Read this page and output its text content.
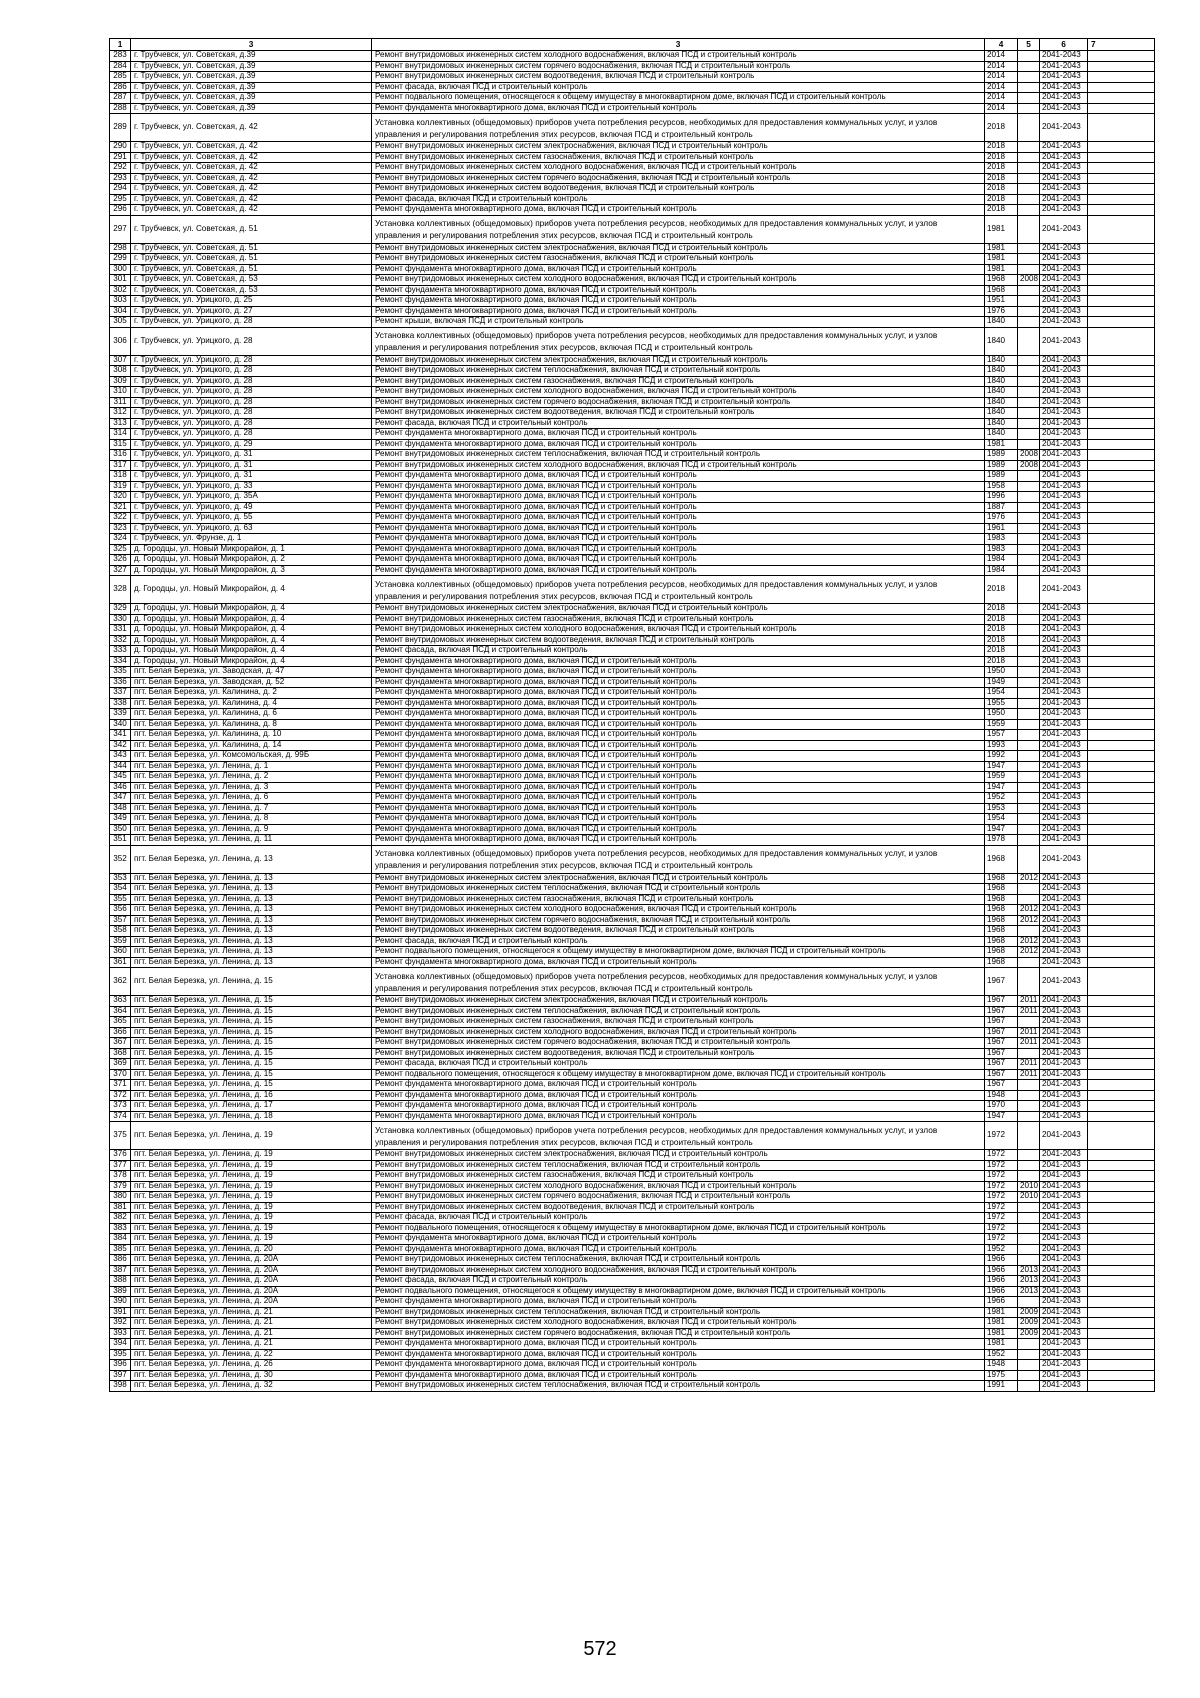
1	3	3	4	5	6	7
283	г. Трубчевск, ул. Советская, д.39	Ремонт внутридомовых инженерных систем холодного водоснабжения, включая ПСД и строительный контроль	2014		2041-2043	
284	г. Трубчевск, ул. Советская, д.39	Ремонт внутридомовых инженерных систем горячего водоснабжения, включая ПСД и строительный контроль	2014		2041-2043	
285	г. Трубчевск, ул. Советская, д.39	Ремонт внутридомовых инженерных систем водоотведения, включая ПСД и строительный контроль	2014		2041-2043	
286	г. Трубчевск, ул. Советская, д.39	Ремонт фасада, включая ПСД и строительный контроль	2014		2041-2043	
287	г. Трубчевск, ул. Советская, д.39	Ремонт подвального помещения, относящегося к общему имуществу в многоквартирном доме, включая ПСД и строительный контроль	2014		2041-2043	
288	г. Трубчевск, ул. Советская, д.39	Ремонт фундамента многоквартирного дома, включая ПСД и строительный контроль	2014		2041-2043	
289	г. Трубчевск, ул. Советская, д. 42	Установка коллективных (общедомовых) приборов учета потребления ресурсов, необходимых для предоставления коммунальных услуг, и узлов управления и регулирования потребления этих ресурсов, включая ПСД и строительный контроль	2018		2041-2043	
290	г. Трубчевск, ул. Советская, д. 42	Ремонт внутридомовых инженерных систем электроснабжения, включая ПСД и строительный контроль	2018		2041-2043	
291	г. Трубчевск, ул. Советская, д. 42	Ремонт внутридомовых инженерных систем газоснабжения, включая ПСД и строительный контроль	2018		2041-2043	
292	г. Трубчевск, ул. Советская, д. 42	Ремонт внутридомовых инженерных систем холодного водоснабжения, включая ПСД и строительный контроль	2018		2041-2043	
293	г. Трубчевск, ул. Советская, д. 42	Ремонт внутридомовых инженерных систем горячего водоснабжения, включая ПСД и строительный контроль	2018		2041-2043	
294	г. Трубчевск, ул. Советская, д. 42	Ремонт внутридомовых инженерных систем водоотведения, включая ПСД и строительный контроль	2018		2041-2043	
295	г. Трубчевск, ул. Советская, д. 42	Ремонт фасада, включая ПСД и строительный контроль	2018		2041-2043	
296	г. Трубчевск, ул. Советская, д. 42	Ремонт фундамента многоквартирного дома, включая ПСД и строительный контроль	2018		2041-2043	
297	г. Трубчевск, ул. Советская, д. 51	Установка коллективных (общедомовых) приборов учета потребления ресурсов, необходимых для предоставления коммунальных услуг, и узлов управления и регулирования потребления этих ресурсов, включая ПСД и строительный контроль	1981		2041-2043	
298	г. Трубчевск, ул. Советская, д. 51	Ремонт внутридомовых инженерных систем электроснабжения, включая ПСД и строительный контроль	1981		2041-2043	
299	г. Трубчевск, ул. Советская, д. 51	Ремонт внутридомовых инженерных систем газоснабжения, включая ПСД и строительный контроль	1981		2041-2043	
300	г. Трубчевск, ул. Советская, д. 51	Ремонт фундамента многоквартирного дома, включая ПСД и строительный контроль	1981		2041-2043	
301	г. Трубчевск, ул. Советская, д. 53	Ремонт внутридомовых инженерных систем холодного водоснабжения, включая ПСД и строительный контроль	1968	2008	2041-2043	
302	г. Трубчевск, ул. Советская, д. 53	Ремонт фундамента многоквартирного дома, включая ПСД и строительный контроль	1968		2041-2043	
303	г. Трубчевск, ул. Урицкого, д. 25	Ремонт фундамента многоквартирного дома, включая ПСД и строительный контроль	1951		2041-2043	
304	г. Трубчевск, ул. Урицкого, д. 27	Ремонт фундамента многоквартирного дома, включая ПСД и строительный контроль	1976		2041-2043	
305	г. Трубчевск, ул. Урицкого, д. 28	Ремонт крыши, включая ПСД и строительный контроль	1840		2041-2043	
306	г. Трубчевск, ул. Урицкого, д. 28	Установка коллективных (общедомовых) приборов учета потребления ресурсов, необходимых для предоставления коммунальных услуг, и узлов управления и регулирования потребления этих ресурсов, включая ПСД и строительный контроль	1840		2041-2043	
307	г. Трубчевск, ул. Урицкого, д. 28	Ремонт внутридомовых инженерных систем электроснабжения, включая ПСД и строительный контроль	1840		2041-2043	
308	г. Трубчевск, ул. Урицкого, д. 28	Ремонт внутридомовых инженерных систем теплоснабжения, включая ПСД и строительный контроль	1840		2041-2043	
309	г. Трубчевск, ул. Урицкого, д. 28	Ремонт внутридомовых инженерных систем газоснабжения, включая ПСД и строительный контроль	1840		2041-2043	
310	г. Трубчевск, ул. Урицкого, д. 28	Ремонт внутридомовых инженерных систем холодного водоснабжения, включая ПСД и строительный контроль	1840		2041-2043	
311	г. Трубчевск, ул. Урицкого, д. 28	Ремонт внутридомовых инженерных систем горячего водоснабжения, включая ПСД и строительный контроль	1840		2041-2043	
312	г. Трубчевск, ул. Урицкого, д. 28	Ремонт внутридомовых инженерных систем водоотведения, включая ПСД и строительный контроль	1840		2041-2043	
313	г. Трубчевск, ул. Урицкого, д. 28	Ремонт фасада, включая ПСД и строительный контроль	1840		2041-2043	
314	г. Трубчевск, ул. Урицкого, д. 28	Ремонт фундамента многоквартирного дома, включая ПСД и строительный контроль	1840		2041-2043	
315	г. Трубчевск, ул. Урицкого, д. 29	Ремонт фундамента многоквартирного дома, включая ПСД и строительный контроль	1981		2041-2043	
316	г. Трубчевск, ул. Урицкого, д. 31	Ремонт внутридомовых инженерных систем теплоснабжения, включая ПСД и строительный контроль	1989	2008	2041-2043	
317	г. Трубчевск, ул. Урицкого, д. 31	Ремонт внутридомовых инженерных систем холодного водоснабжения, включая ПСД и строительный контроль	1989	2008	2041-2043	
318	г. Трубчевск, ул. Урицкого, д. 31	Ремонт фундамента многоквартирного дома, включая ПСД и строительный контроль	1989		2041-2043	
319	г. Трубчевск, ул. Урицкого, д. 33	Ремонт фундамента многоквартирного дома, включая ПСД и строительный контроль	1958		2041-2043	
320	г. Трубчевск, ул. Урицкого, д. 35А	Ремонт фундамента многоквартирного дома, включая ПСД и строительный контроль	1996		2041-2043	
321	г. Трубчевск, ул. Урицкого, д. 49	Ремонт фундамента многоквартирного дома, включая ПСД и строительный контроль	1887		2041-2043	
322	г. Трубчевск, ул. Урицкого, д. 55	Ремонт фундамента многоквартирного дома, включая ПСД и строительный контроль	1976		2041-2043	
323	г. Трубчевск, ул. Урицкого, д. 63	Ремонт фундамента многоквартирного дома, включая ПСД и строительный контроль	1961		2041-2043	
324	г. Трубчевск, ул. Фрунзе, д. 1	Ремонт фундамента многоквартирного дома, включая ПСД и строительный контроль	1983		2041-2043	
325	д. Городцы, ул. Новый Микрорайон, д. 1	Ремонт фундамента многоквартирного дома, включая ПСД и строительный контроль	1983		2041-2043	
326	д. Городцы, ул. Новый Микрорайон, д. 2	Ремонт фундамента многоквартирного дома, включая ПСД и строительный контроль	1984		2041-2043	
327	д. Городцы, ул. Новый Микрорайон, д. 3	Ремонт фундамента многоквартирного дома, включая ПСД и строительный контроль	1984		2041-2043	
328	д. Городцы, ул. Новый Микрорайон, д. 4	Установка коллективных (общедомовых) приборов учета потребления ресурсов, необходимых для предоставления коммунальных услуг, и узлов управления и регулирования потребления этих ресурсов, включая ПСД и строительный контроль	2018		2041-2043	
329	д. Городцы, ул. Новый Микрорайон, д. 4	Ремонт внутридомовых инженерных систем электроснабжения, включая ПСД и строительный контроль	2018		2041-2043	
330	д. Городцы, ул. Новый Микрорайон, д. 4	Ремонт внутридомовых инженерных систем газоснабжения, включая ПСД и строительный контроль	2018		2041-2043	
331	д. Городцы, ул. Новый Микрорайон, д. 4	Ремонт внутридомовых инженерных систем холодного водоснабжения, включая ПСД и строительный контроль	2018		2041-2043	
332	д. Городцы, ул. Новый Микрорайон, д. 4	Ремонт внутридомовых инженерных систем водоотведения, включая ПСД и строительный контроль	2018		2041-2043	
333	д. Городцы, ул. Новый Микрорайон, д. 4	Ремонт фасада, включая ПСД и строительный контроль	2018		2041-2043	
334	д. Городцы, ул. Новый Микрорайон, д. 4	Ремонт фундамента многоквартирного дома, включая ПСД и строительный контроль	2018		2041-2043	
335	пгт. Белая Березка, ул. Заводская, д. 47	Ремонт фундамента многоквартирного дома, включая ПСД и строительный контроль	1950		2041-2043	
336	пгт. Белая Березка, ул. Заводская, д. 52	Ремонт фундамента многоквартирного дома, включая ПСД и строительный контроль	1949		2041-2043	
337	пгт. Белая Березка, ул. Калинина, д. 2	Ремонт фундамента многоквартирного дома, включая ПСД и строительный контроль	1954		2041-2043	
338	пгт. Белая Березка, ул. Калинина, д. 4	Ремонт фундамента многоквартирного дома, включая ПСД и строительный контроль	1955		2041-2043	
339	пгт. Белая Березка, ул. Калинина, д. 6	Ремонт фундамента многоквартирного дома, включая ПСД и строительный контроль	1950		2041-2043	
340	пгт. Белая Березка, ул. Калинина, д. 8	Ремонт фундамента многоквартирного дома, включая ПСД и строительный контроль	1959		2041-2043	
341	пгт. Белая Березка, ул. Калинина, д. 10	Ремонт фундамента многоквартирного дома, включая ПСД и строительный контроль	1957		2041-2043	
342	пгт. Белая Березка, ул. Калинина, д. 14	Ремонт фундамента многоквартирного дома, включая ПСД и строительный контроль	1993		2041-2043	
343	пгт. Белая Березка, ул. Комсомольская, д. 99Б	Ремонт фундамента многоквартирного дома, включая ПСД и строительный контроль	1992		2041-2043	
344	пгт. Белая Березка, ул. Ленина, д. 1	Ремонт фундамента многоквартирного дома, включая ПСД и строительный контроль	1947		2041-2043	
345	пгт. Белая Березка, ул. Ленина, д. 2	Ремонт фундамента многоквартирного дома, включая ПСД и строительный контроль	1959		2041-2043	
346	пгт. Белая Березка, ул. Ленина, д. 3	Ремонт фундамента многоквартирного дома, включая ПСД и строительный контроль	1947		2041-2043	
347	пгт. Белая Березка, ул. Ленина, д. 6	Ремонт фундамента многоквартирного дома, включая ПСД и строительный контроль	1952		2041-2043	
348	пгт. Белая Березка, ул. Ленина, д. 7	Ремонт фундамента многоквартирного дома, включая ПСД и строительный контроль	1953		2041-2043	
349	пгт. Белая Березка, ул. Ленина, д. 8	Ремонт фундамента многоквартирного дома, включая ПСД и строительный контроль	1954		2041-2043	
350	пгт. Белая Березка, ул. Ленина, д. 9	Ремонт фундамента многоквартирного дома, включая ПСД и строительный контроль	1947		2041-2043	
351	пгт. Белая Березка, ул. Ленина, д. 11	Ремонт фундамента многоквартирного дома, включая ПСД и строительный контроль	1978		2041-2043	
352	пгт. Белая Березка, ул. Ленина, д. 13	Установка коллективных (общедомовых) приборов учета потребления ресурсов, необходимых для предоставления коммунальных услуг, и узлов управления и регулирования потребления этих ресурсов, включая ПСД и строительный контроль	1968		2041-2043	
353	пгт. Белая Березка, ул. Ленина, д. 13	Ремонт внутридомовых инженерных систем электроснабжения, включая ПСД и строительный контроль	1968	2012	2041-2043	
354	пгт. Белая Березка, ул. Ленина, д. 13	Ремонт внутридомовых инженерных систем теплоснабжения, включая ПСД и строительный контроль	1968		2041-2043	
355	пгт. Белая Березка, ул. Ленина, д. 13	Ремонт внутридомовых инженерных систем газоснабжения, включая ПСД и строительный контроль	1968		2041-2043	
356	пгт. Белая Березка, ул. Ленина, д. 13	Ремонт внутридомовых инженерных систем холодного водоснабжения, включая ПСД и строительный контроль	1968	2012	2041-2043	
357	пгт. Белая Березка, ул. Ленина, д. 13	Ремонт внутридомовых инженерных систем горячего водоснабжения, включая ПСД и строительный контроль	1968	2012	2041-2043	
358	пгт. Белая Березка, ул. Ленина, д. 13	Ремонт внутридомовых инженерных систем водоотведения, включая ПСД и строительный контроль	1968		2041-2043	
359	пгт. Белая Березка, ул. Ленина, д. 13	Ремонт фасада, включая ПСД и строительный контроль	1968	2012	2041-2043	
360	пгт. Белая Березка, ул. Ленина, д. 13	Ремонт подвального помещения, относящегося к общему имуществу в многоквартирном доме, включая ПСД и строительный контроль	1968	2012	2041-2043	
361	пгт. Белая Березка, ул. Ленина, д. 13	Ремонт фундамента многоквартирного дома, включая ПСД и строительный контроль	1968		2041-2043	
362	пгт. Белая Березка, ул. Ленина, д. 15	Установка коллективных (общедомовых) приборов учета потребления ресурсов, необходимых для предоставления коммунальных услуг, и узлов управления и регулирования потребления этих ресурсов, включая ПСД и строительный контроль	1967		2041-2043	
363	пгт. Белая Березка, ул. Ленина, д. 15	Ремонт внутридомовых инженерных систем электроснабжения, включая ПСД и строительный контроль	1967	2011	2041-2043	
364	пгт. Белая Березка, ул. Ленина, д. 15	Ремонт внутридомовых инженерных систем теплоснабжения, включая ПСД и строительный контроль	1967	2011	2041-2043	
365	пгт. Белая Березка, ул. Ленина, д. 15	Ремонт внутридомовых инженерных систем газоснабжения, включая ПСД и строительный контроль	1967		2041-2043	
366	пгт. Белая Березка, ул. Ленина, д. 15	Ремонт внутридомовых инженерных систем холодного водоснабжения, включая ПСД и строительный контроль	1967	2011	2041-2043	
367	пгт. Белая Березка, ул. Ленина, д. 15	Ремонт внутридомовых инженерных систем горячего водоснабжения, включая ПСД и строительный контроль	1967	2011	2041-2043	
368	пгт. Белая Березка, ул. Ленина, д. 15	Ремонт внутридомовых инженерных систем водоотведения, включая ПСД и строительный контроль	1967		2041-2043	
369	пгт. Белая Березка, ул. Ленина, д. 15	Ремонт фасада, включая ПСД и строительный контроль	1967	2011	2041-2043	
370	пгт. Белая Березка, ул. Ленина, д. 15	Ремонт подвального помещения, относящегося к общему имуществу в многоквартирном доме, включая ПСД и строительный контроль	1967	2011	2041-2043	
371	пгт. Белая Березка, ул. Ленина, д. 15	Ремонт фундамента многоквартирного дома, включая ПСД и строительный контроль	1967		2041-2043	
372	пгт. Белая Березка, ул. Ленина, д. 16	Ремонт фундамента многоквартирного дома, включая ПСД и строительный контроль	1948		2041-2043	
373	пгт. Белая Березка, ул. Ленина, д. 17	Ремонт фундамента многоквартирного дома, включая ПСД и строительный контроль	1970		2041-2043	
374	пгт. Белая Березка, ул. Ленина, д. 18	Ремонт фундамента многоквартирного дома, включая ПСД и строительный контроль	1947		2041-2043	
375	пгт. Белая Березка, ул. Ленина, д. 19	Установка коллективных (общедомовых) приборов учета потребления ресурсов, необходимых для предоставления коммунальных услуг, и узлов управления и регулирования потребления этих ресурсов, включая ПСД и строительный контроль	1972		2041-2043	
376	пгт. Белая Березка, ул. Ленина, д. 19	Ремонт внутридомовых инженерных систем электроснабжения, включая ПСД и строительный контроль	1972		2041-2043	
377	пгт. Белая Березка, ул. Ленина, д. 19	Ремонт внутридомовых инженерных систем теплоснабжения, включая ПСД и строительный контроль	1972		2041-2043	
378	пгт. Белая Березка, ул. Ленина, д. 19	Ремонт внутридомовых инженерных систем газоснабжения, включая ПСД и строительный контроль	1972		2041-2043	
379	пгт. Белая Березка, ул. Ленина, д. 19	Ремонт внутридомовых инженерных систем холодного водоснабжения, включая ПСД и строительный контроль	1972	2010	2041-2043	
380	пгт. Белая Березка, ул. Ленина, д. 19	Ремонт внутридомовых инженерных систем горячего водоснабжения, включая ПСД и строительный контроль	1972	2010	2041-2043	
381	пгт. Белая Березка, ул. Ленина, д. 19	Ремонт внутридомовых инженерных систем водоотведения, включая ПСД и строительный контроль	1972		2041-2043	
382	пгт. Белая Березка, ул. Ленина, д. 19	Ремонт фасада, включая ПСД и строительный контроль	1972		2041-2043	
383	пгт. Белая Березка, ул. Ленина, д. 19	Ремонт подвального помещения, относящегося к общему имуществу в многоквартирном доме, включая ПСД и строительный контроль	1972		2041-2043	
384	пгт. Белая Березка, ул. Ленина, д. 19	Ремонт фундамента многоквартирного дома, включая ПСД и строительный контроль	1972		2041-2043	
385	пгт. Белая Березка, ул. Ленина, д. 20	Ремонт фундамента многоквартирного дома, включая ПСД и строительный контроль	1952		2041-2043	
386	пгт. Белая Березка, ул. Ленина, д. 20А	Ремонт внутридомовых инженерных систем теплоснабжения, включая ПСД и строительный контроль	1966		2041-2043	
387	пгт. Белая Березка, ул. Ленина, д. 20А	Ремонт внутридомовых инженерных систем холодного водоснабжения, включая ПСД и строительный контроль	1966	2013	2041-2043	
388	пгт. Белая Березка, ул. Ленина, д. 20А	Ремонт фасада, включая ПСД и строительный контроль	1966	2013	2041-2043	
389	пгт. Белая Березка, ул. Ленина, д. 20А	Ремонт подвального помещения, относящегося к общему имуществу в многоквартирном доме, включая ПСД и строительный контроль	1966	2013	2041-2043	
390	пгт. Белая Березка, ул. Ленина, д. 20А	Ремонт фундамента многоквартирного дома, включая ПСД и строительный контроль	1966		2041-2043	
391	пгт. Белая Березка, ул. Ленина, д. 21	Ремонт внутридомовых инженерных систем теплоснабжения, включая ПСД и строительный контроль	1981	2009	2041-2043	
392	пгт. Белая Березка, ул. Ленина, д. 21	Ремонт внутридомовых инженерных систем холодного водоснабжения, включая ПСД и строительный контроль	1981	2009	2041-2043	
393	пгт. Белая Березка, ул. Ленина, д. 21	Ремонт внутридомовых инженерных систем горячего водоснабжения, включая ПСД и строительный контроль	1981	2009	2041-2043	
394	пгт. Белая Березка, ул. Ленина, д. 21	Ремонт фундамента многоквартирного дома, включая ПСД и строительный контроль	1981		2041-2043	
395	пгт. Белая Березка, ул. Ленина, д. 22	Ремонт фундамента многоквартирного дома, включая ПСД и строительный контроль	1952		2041-2043	
396	пгт. Белая Березка, ул. Ленина, д. 26	Ремонт фундамента многоквартирного дома, включая ПСД и строительный контроль	1948		2041-2043	
397	пгт. Белая Березка, ул. Ленина, д. 30	Ремонт фундамента многоквартирного дома, включая ПСД и строительный контроль	1975		2041-2043	
398	пгт. Белая Березка, ул. Ленина, д. 32	Ремонт внутридомовых инженерных систем теплоснабжения, включая ПСД и строительный контроль	1991		2041-2043	
572
